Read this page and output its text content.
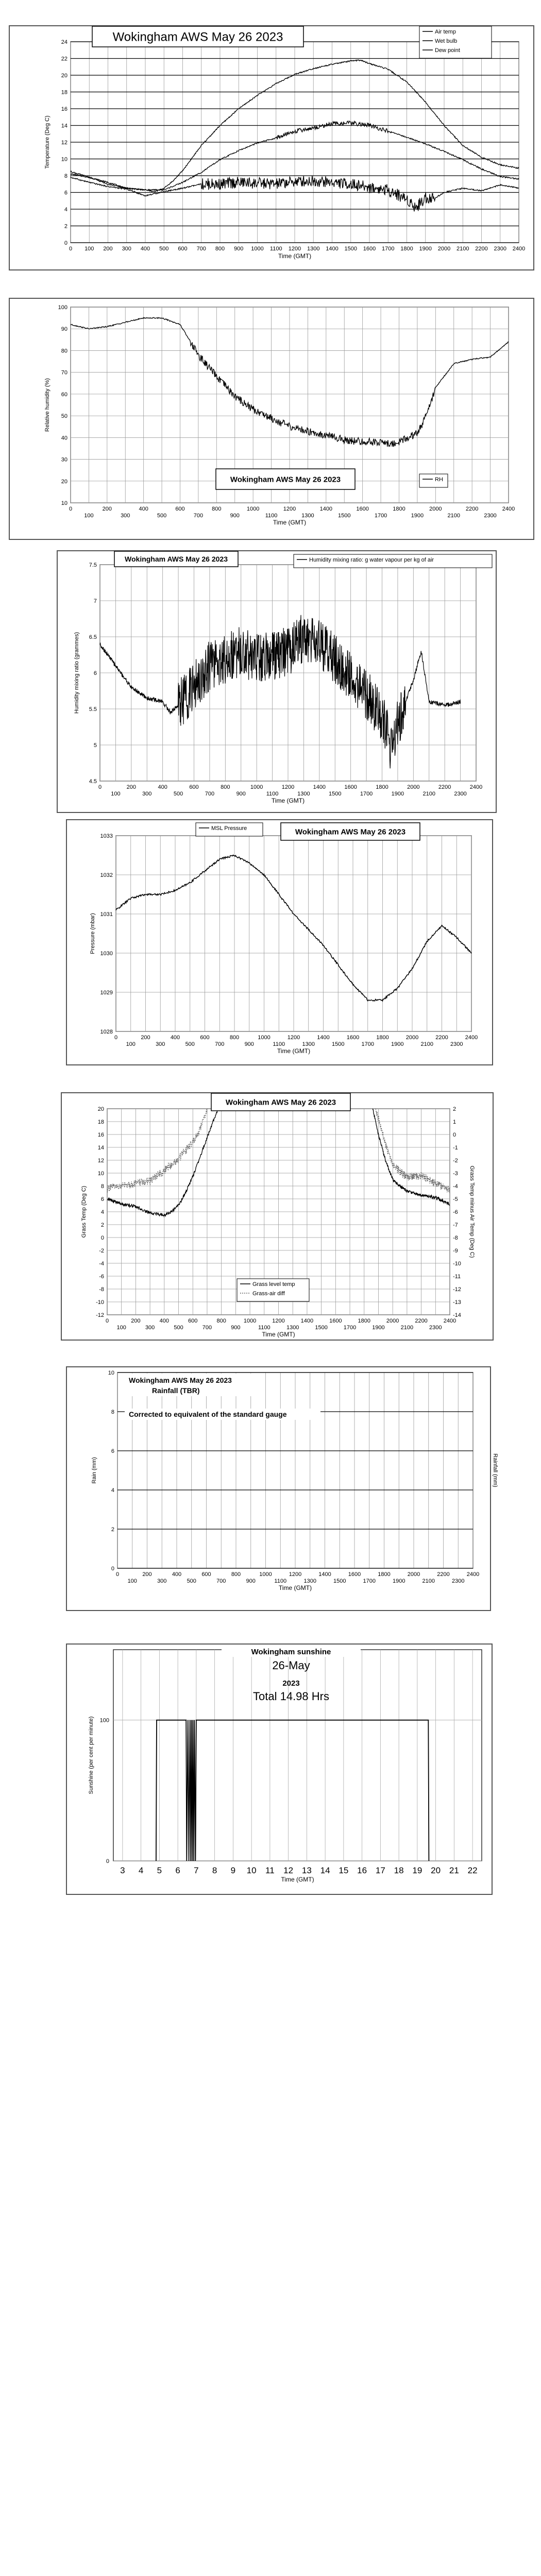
0
2
4
6
8
10
12
14
16
18
20
22
24
0 100 200 300 400 500 600 700 800 900 1000 1100 1200 1300 1400 1500 1600 1700 1800 1900 2000 2100 2200 2300 2400
Time (GMT)
Temperature (Deg C)
Wokingham AWS May 26 2023	Air temp
Wet bulb
Dew point
10
20
30
40
50
60
70
80
90
100
0	200	400	600	800	1000	1200	1400	1600	1800	2000	2200	2400
100	300	500	700	900	1100	1300	1500	1700	1900	2100	2300
Time (GMT)
Relative humidity (%)
Wokingham AWS May 26 2023	RH
4.5
5
5.5
6
6.5
7
7.5
0	200	400	600	800	1000	1200	1400	1600	1800	2000	2200	2400
100	300	500	700	900	1100	1300	1500	1700	1900	2100	2300
Time (GMT)
Humidity mixing ratio (grammes)
Wokingham AWS May 26 2023	Humidity mixing ratio: g water vapour per kg of air
1028
1029
1030
1031
1032
1033
0	200	400	600	800	1000	1200	1400	1600	1800	2000	2200	2400
100	300	500	700	900	1100	1300	1500	1700	1900	2100	2300
Time (GMT)
Pressure (mbar)
MSL Pressure	Wokingham AWS May 26 2023
-12
-10
-8
-6
-4
-2
0
2
4
6
8
10
12
14
16
18
20
-14
-13
-12
-11
-10
-9
-8
-7
-6
-5
-4
-3
-2
-1
0
1
2
0	200	400	600	800	1000	1200	1400	1600	1800	2000	2200	2400
100	300	500	700	900	1100	1300	1500	1700	1900	2100	2300
Time (GMT)
Grass Temp (Deg C)	Grass Temp minus Air Temp (Deg C)
Wokingham AWS May 26 2023
Grass level temp
Grass-air diff
0
2
4
6
8
10
0	200	400	600	800	1000	1200	1400	1600	1800	2000	2200	2400
100	300	500	700	900	1100	1300	1500	1700	1900	2100	2300
Time (GMT)
Rain (mm)	Rainfall (mm)
Wokingham AWS May 26 2023
Rainfall (TBR)
Corrected to equivalent of the standard gauge
3 4 5 6 7 8 9 10 11 12 13 14 15 16 17 18 19 20 21 22
0
100
Time (GMT)
Sunshine (per cent per minute)
Wokingham sunshine
26-May
2023
Total 14.98 Hrs
